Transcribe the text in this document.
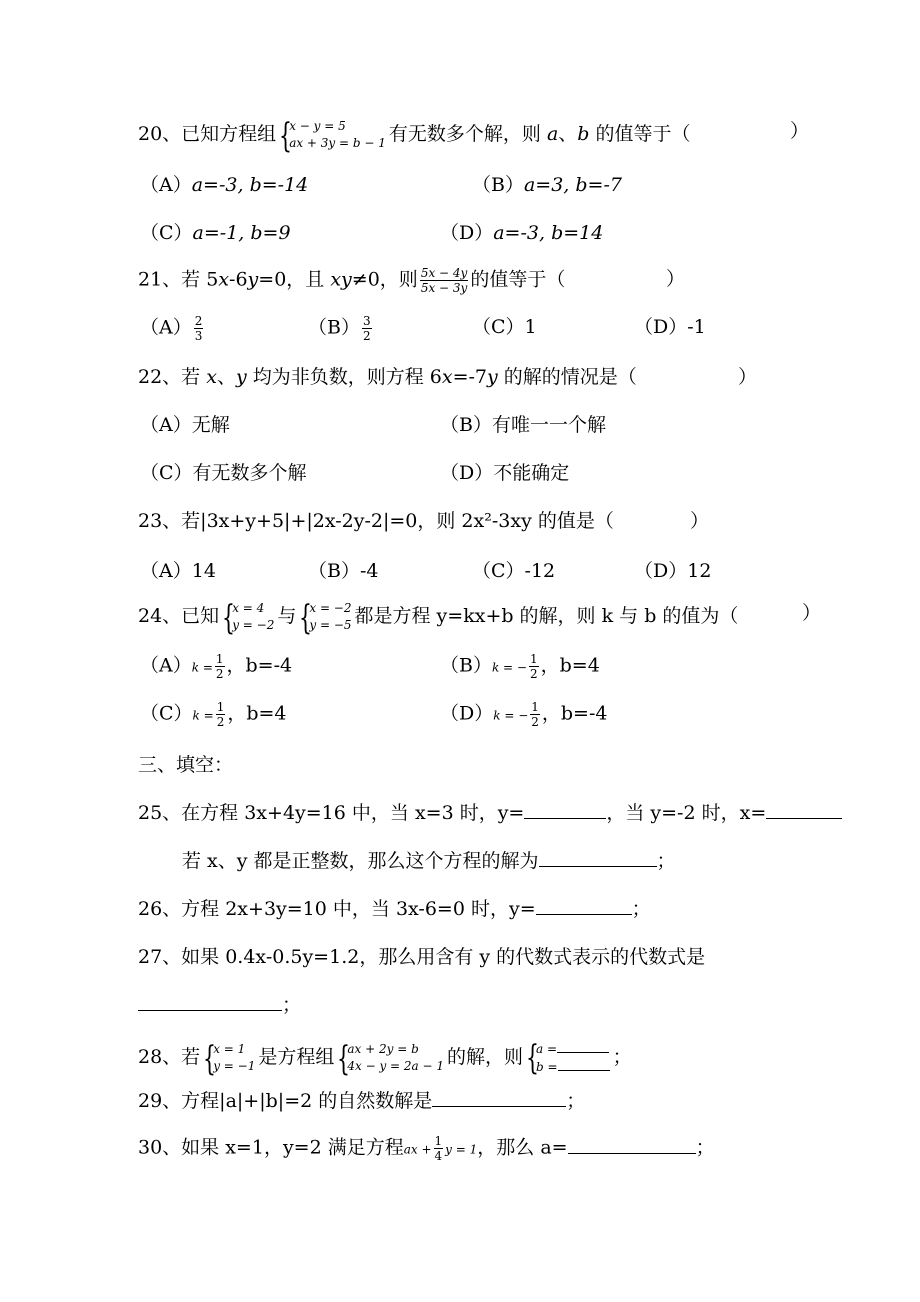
20、已知方程组 {
x − y = 5
ax + 3y = b − 1 有无数多个解，则 a、b 的值等于（	）
（A）a=-3, b=-14	（B）a=3, b=-7
（C）a=-1, b=9	（D）a=-3, b=14
21、若 5x-6y=0，且 xy≠0，则 $\frac{5x - 4y}{5x - 3y}$ 的值等于（	）
$(A) \frac{2}{3}$	$(B) \frac{3}{2}$	（C）1	（D）-1
22、若 x、y 均为非负数，则方程 6x=-7y 的解的情况是（	）
（A）无解	（B）有唯一一个解
（C）有无数多个解	（D）不能确定
23、若|3x+y+5|+|2x-2y-2|=0，则 2x²-3xy 的值是（	）
（A）14	（B）-4	（C）-12	（D）12
24、已知 {
x = 4
y = −2 与 {
x = −2
y = −5 都是方程 y=kx+b 的解，则 k 与 b 的值为（	）
$(A)k = \frac{1}{2}$ ，b=-4	（B）k = − $\frac{1}{2}$ ，b=4
$(C)k = \frac{1}{2}$ ，b=4	（D）k = − $\frac{1}{2}$ ，b=-4
三、填空：
25、在方程 3x+4y=16 中，当 x=3 时，y=	，当 y=-2 时，x=
若 x、y 都是正整数，那么这个方程的解为	；
26、方程 2x+3y=10 中，当 3x-6=0 时，y=	；
27、如果 0.4x-0.5y=1.2，那么用含有 y 的代数式表示的代数式是
；
28、若 {
x = 1
y = −1 是方程组 {
ax + 2y = b
4x − y = 2a − 1 的解，则 {
a =
b =	；
29、方程|a|+|b|=2 的自然数解是	；
30、如果 x=1，y=2 满足方程ax + $\frac{1}{4}$ y = 1，那么 a=	；
